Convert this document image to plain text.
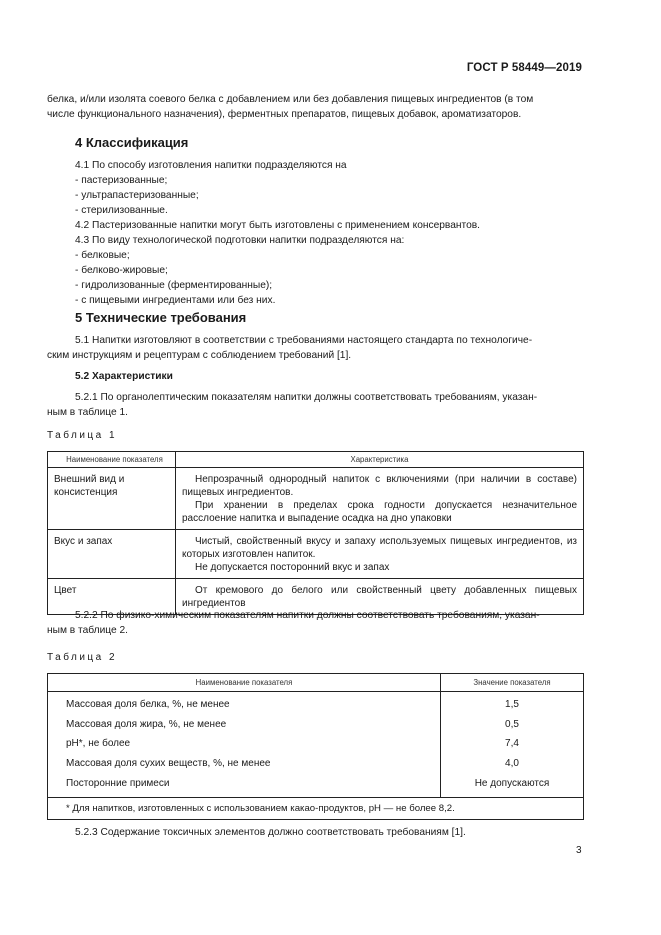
ГОСТ Р 58449—2019
белка, и/или изолята соевого белка с добавлением или без добавления пищевых ингредиентов (в том
числе функционального назначения), ферментных препаратов, пищевых добавок, ароматизаторов.
4 Классификация
4.1 По способу изготовления напитки подразделяются на
- пастеризованные;
- ультрапастеризованные;
- стерилизованные.
4.2 Пастеризованные напитки могут быть изготовлены с применением консервантов.
4.3 По виду технологической подготовки напитки подразделяются на:
- белковые;
- белково-жировые;
- гидролизованные (ферментированные);
- с пищевыми ингредиентами или без них.
5 Технические требования
5.1 Напитки изготовляют в соответствии с требованиями настоящего стандарта по технологиче-
ским инструкциям и рецептурам с соблюдением требований [1].
5.2 Характеристики
5.2.1 По органолептическим показателям напитки должны соответствовать требованиям, указан-
ным в таблице 1.
Таблица 1
Наименование показателя	Характеристика
Внешний вид и консистенция	Непрозрачный однородный напиток с включениями (при наличии в составе) пищевых ингредиентов.

При хранении в пределах срока годности допускается незначительное расслоение напитка и выпадение осадка на дно упаковки

Вкус и запах	Чистый, свойственный вкусу и запаху используемых пищевых ингредиентов, из которых изготовлен напиток.

Не допускается посторонний вкус и запах

Цвет	От кремового до белого или свойственный цвету добавленных пищевых ингредиентов

5.2.2 По физико-химическим показателям напитки должны соответствовать требованиям, указан-
ным в таблице 2.
Таблица 2
Наименование показателя	Значение показателя
Массовая доля белка, %, не менее	1,5
Массовая доля жира, %, не менее	0,5
pH*, не более	7,4
Массовая доля сухих веществ, %, не менее	4,0
Посторонние примеси	Не допускаются
* Для напитков, изготовленных с использованием какао-продуктов, pH — не более 8,2.	
5.2.3 Содержание токсичных элементов должно соответствовать требованиям [1].
3
